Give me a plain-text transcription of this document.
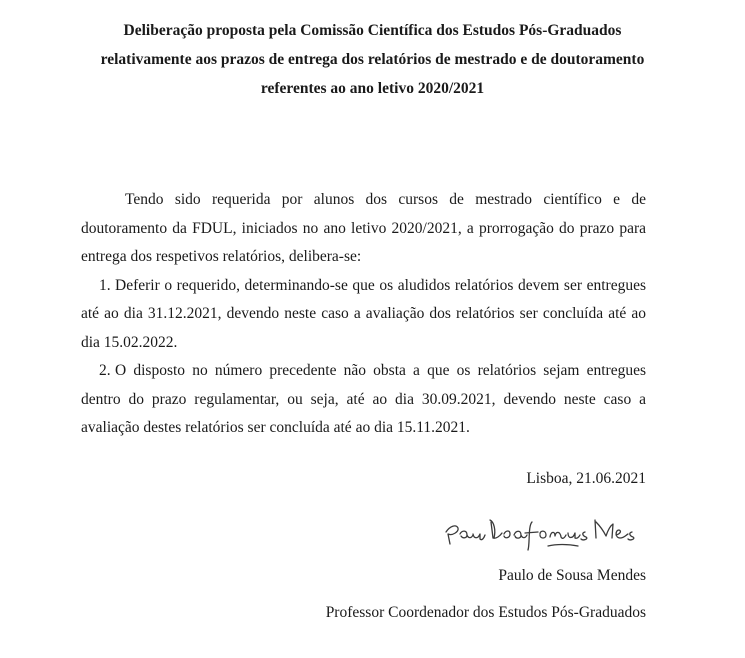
Deliberação proposta pela Comissão Científica dos Estudos Pós-Graduados
relativamente aos prazos de entrega dos relatórios de mestrado e de doutoramento
referentes ao ano letivo 2020/2021

Tendo sido requerida por alunos dos cursos de mestrado científico e de doutoramento da FDUL, iniciados no ano letivo 2020/2021, a prorrogação do prazo para entrega dos respetivos relatórios, delibera-se:

1. Deferir o requerido, determinando-se que os aludidos relatórios devem ser entregues até ao dia 31.12.2021, devendo neste caso a avaliação dos relatórios ser concluída até ao dia 15.02.2022.

2. O disposto no número precedente não obsta a que os relatórios sejam entregues dentro do prazo regulamentar, ou seja, até ao dia 30.09.2021, devendo neste caso a avaliação destes relatórios ser concluída até ao dia 15.11.2021.

Lisboa, 21.06.2021
Paulo de Sousa Mendes
Professor Coordenador dos Estudos Pós-Graduados
